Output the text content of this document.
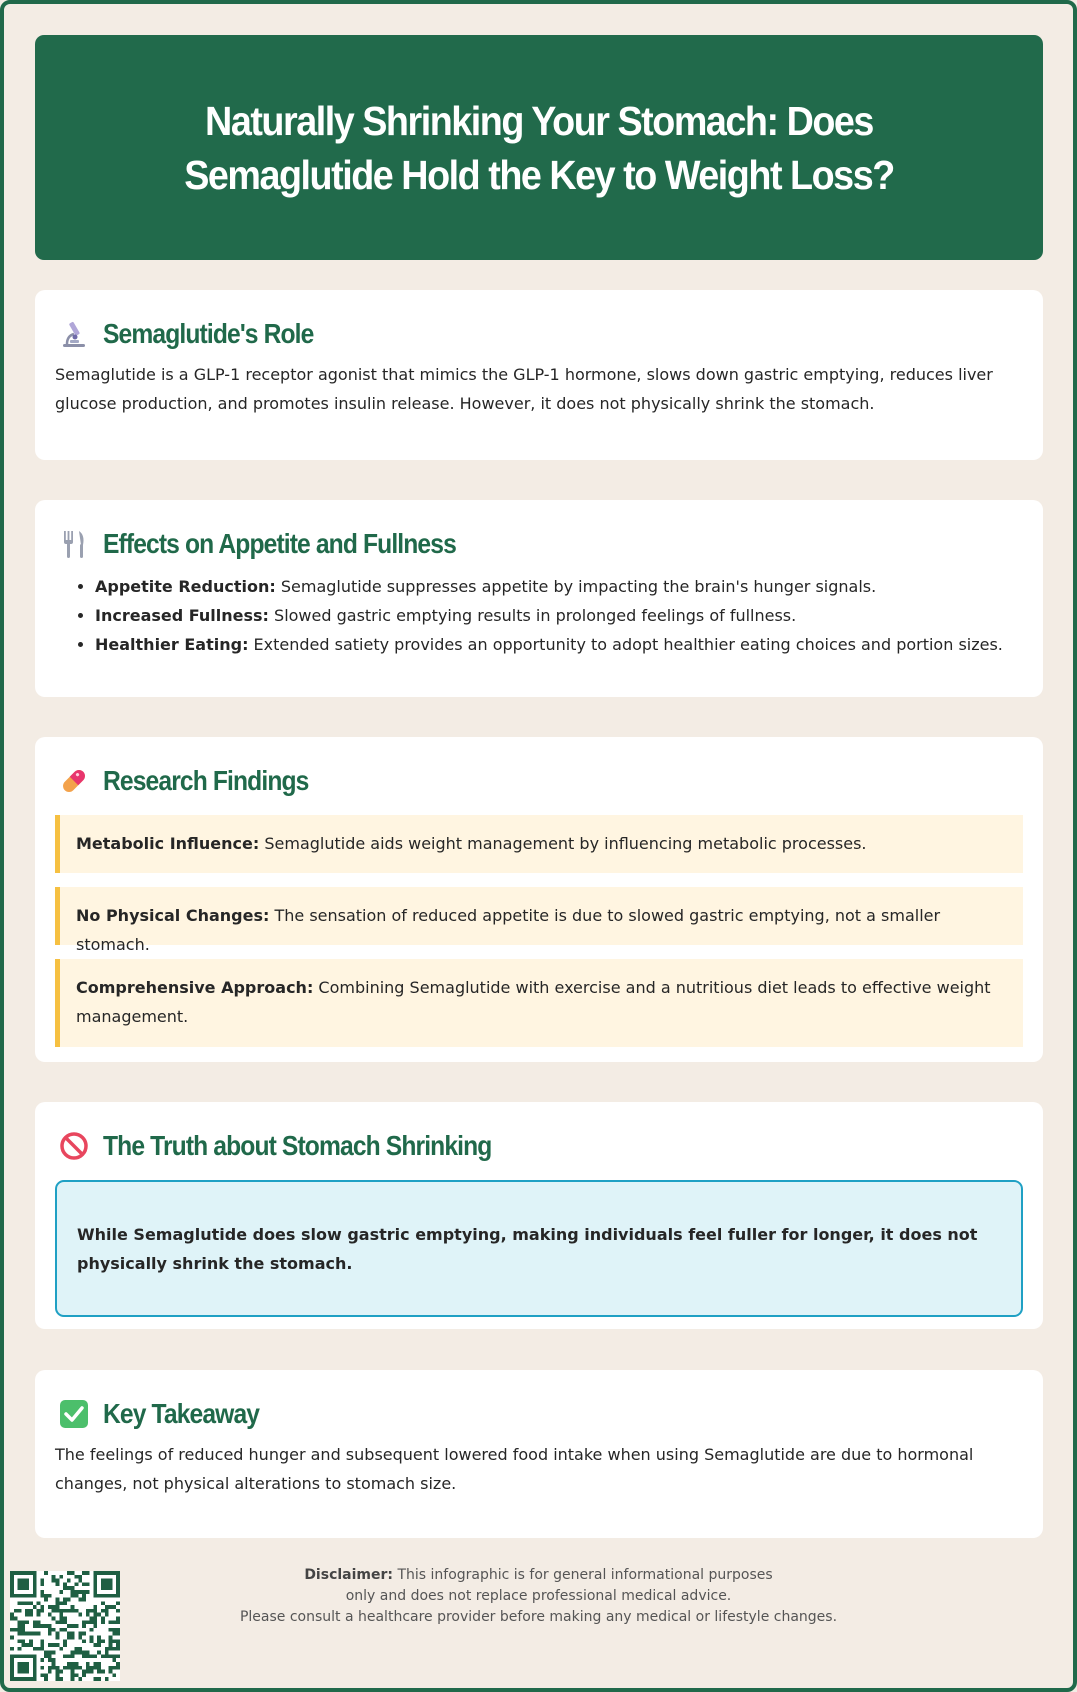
Naturally Shrinking Your Stomach: Does Semaglutide Hold the Key to Weight Loss?
Semaglutide's Role

Semaglutide is a GLP-1 receptor agonist that mimics the GLP-1 hormone, slows down gastric emptying, reduces liver glucose production, and promotes insulin release. However, it does not physically shrink the stomach.

Effects on Appetite and Fullness
• Appetite Reduction: Semaglutide suppresses appetite by impacting the brain's hunger signals.
• Increased Fullness: Slowed gastric emptying results in prolonged feelings of fullness.
• Healthier Eating: Extended satiety provides an opportunity to adopt healthier eating choices and portion sizes.
Research Findings
Metabolic Influence: Semaglutide aids weight management by influencing metabolic processes.
No Physical Changes: The sensation of reduced appetite is due to slowed gastric emptying, not a smaller stomach.
Comprehensive Approach: Combining Semaglutide with exercise and a nutritious diet leads to effective weight management.
The Truth about Stomach Shrinking
While Semaglutide does slow gastric emptying, making individuals feel fuller for longer, it does not physically shrink the stomach.
Key Takeaway

The feelings of reduced hunger and subsequent lowered food intake when using Semaglutide are due to hormonal changes, not physical alterations to stomach size.

Disclaimer: This infographic is for general informational purposes
only and does not replace professional medical advice.
Please consult a healthcare provider before making any medical or lifestyle changes.
